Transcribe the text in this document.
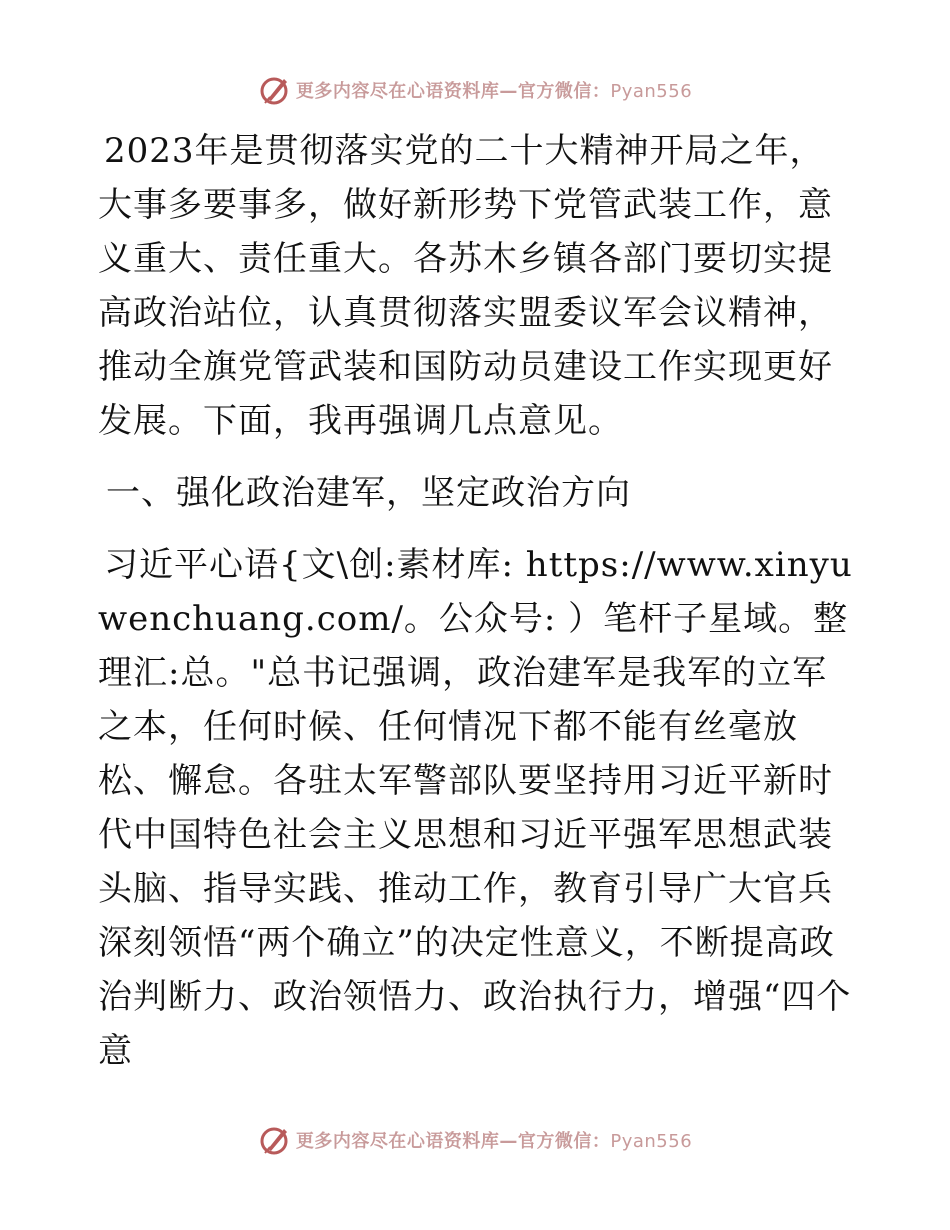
更多内容尽在心语资料库—官方微信：Pyan556

2023年是贯彻落实党的二十大精神开局之年，大事多要事多，做好新形势下党管武装工作，意义重大、责任重大。各苏木乡镇各部门要切实提高政治站位，认真贯彻落实盟委议军会议精神，推动全旗党管武装和国防动员建设工作实现更好发展。下面，我再强调几点意见。

一、强化政治建军，坚定政治方向

习近平心语{文\创:素材库: https://www.xinyuwenchuang.com/。公众号: ）笔杆子星域。整理汇:总。"总书记强调，政治建军是我军的立军之本，任何时候、任何情况下都不能有丝毫放松、懈怠。各驻太军警部队要坚持用习近平新时代中国特色社会主义思想和习近平强军思想武装头脑、指导实践、推动工作，教育引导广大官兵深刻领悟“两个确立”的决定性意义，不断提高政治判断力、政治领悟力、政治执行力，增强“四个意

更多内容尽在心语资料库—官方微信：Pyan556
